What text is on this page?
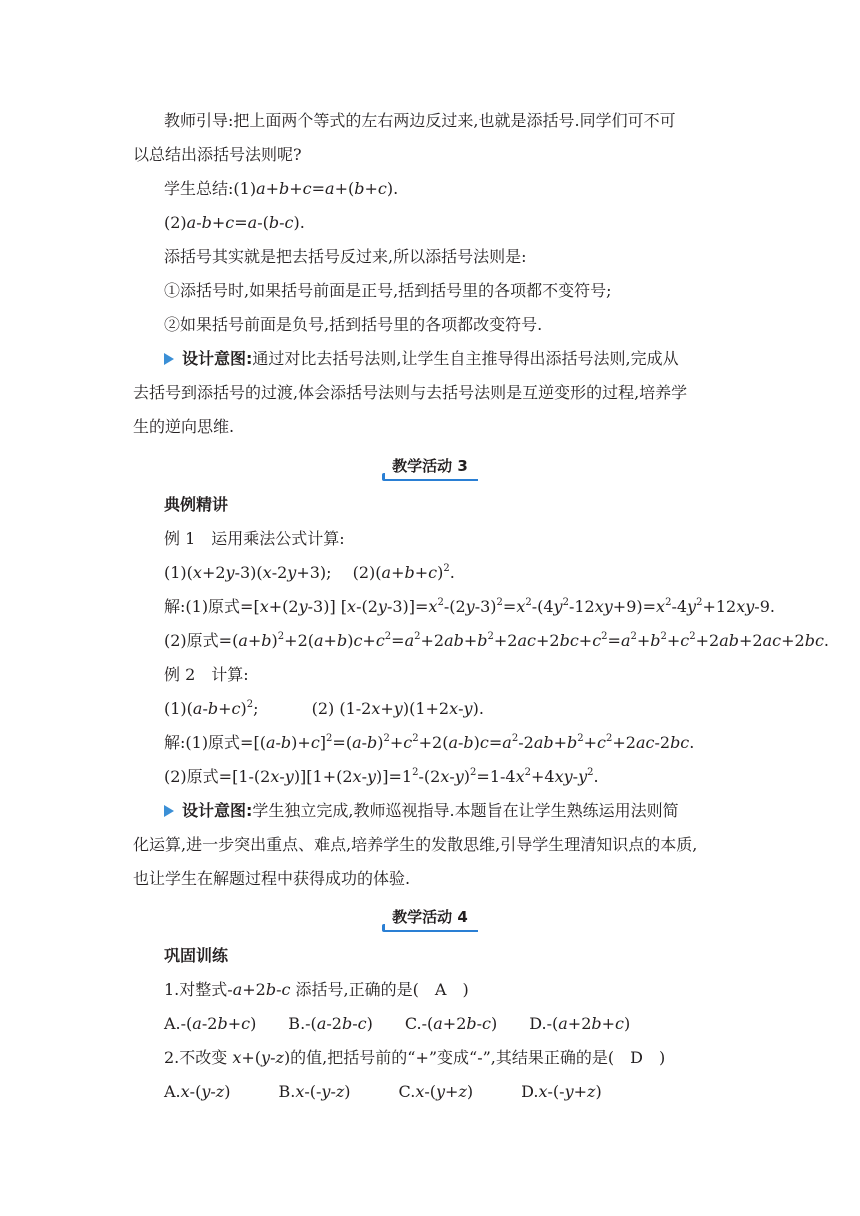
教师引导:把上面两个等式的左右两边反过来,也就是添括号.同学们可不可
以总结出添括号法则呢?
学生总结:(1)a+b+c=a+(b+c).
(2)a-b+c=a-(b-c).
添括号其实就是把去括号反过来,所以添括号法则是:
①添括号时,如果括号前面是正号,括到括号里的各项都不变符号;
②如果括号前面是负号,括到括号里的各项都改变符号.
设计意图:通过对比去括号法则,让学生自主推导得出添括号法则,完成从
去括号到添括号的过渡,体会添括号法则与去括号法则是互逆变形的过程,培养学
生的逆向思维.
教学活动 3
典例精讲
例 1　运用乘法公式计算:
(1)(x+2y-3)(x-2y+3);　 $(2)(a+b+c)^2$.
解:(1)原式=[x+(2y-3)] $[x-(2y-3)]=x^2-(2y-3)^2=x^2-(4y^2-12xy+9)=x^2-4y^2+12xy-9$.
(2)原式$=(a+b)^2+2(a+b)c+c^2=a^2+2ab+b^2+2ac+2bc+c^2=a^2+b^2+c^2+2ab+2ac+2bc$.
例 2　计算:
$(1)(a-b+c)^2$;　　　 (2) (1-2x+y)(1+2x-y).
解:(1)原式$=[(a-b)+c]^2=(a-b)^2+c^2+2(a-b)c=a^2-2ab+b^2+c^2+2ac-2bc$.
(2)原式$=[1-(2x-y)][1+(2x-y)]=1^2-(2x-y)^2=1-4x^2+4xy-y^2$.
设计意图:学生独立完成,教师巡视指导.本题旨在让学生熟练运用法则简
化运算,进一步突出重点、难点,培养学生的发散思维,引导学生理清知识点的本质,
也让学生在解题过程中获得成功的体验.
教学活动 4
巩固训练
1.对整式-a+2b-c 添括号,正确的是(　A　)
A.-(a-2b+c)　　B.-(a-2b-c)　　C.-(a+2b-c)　　D.-(a+2b+c)
2.不改变 x+(y-z)的值,把括号前的“+”变成“-”,其结果正确的是(　D　)
A.x-(y-z)　　　B.x-(-y-z)　　　C.x-(y+z)　　　D.x-(-y+z)
